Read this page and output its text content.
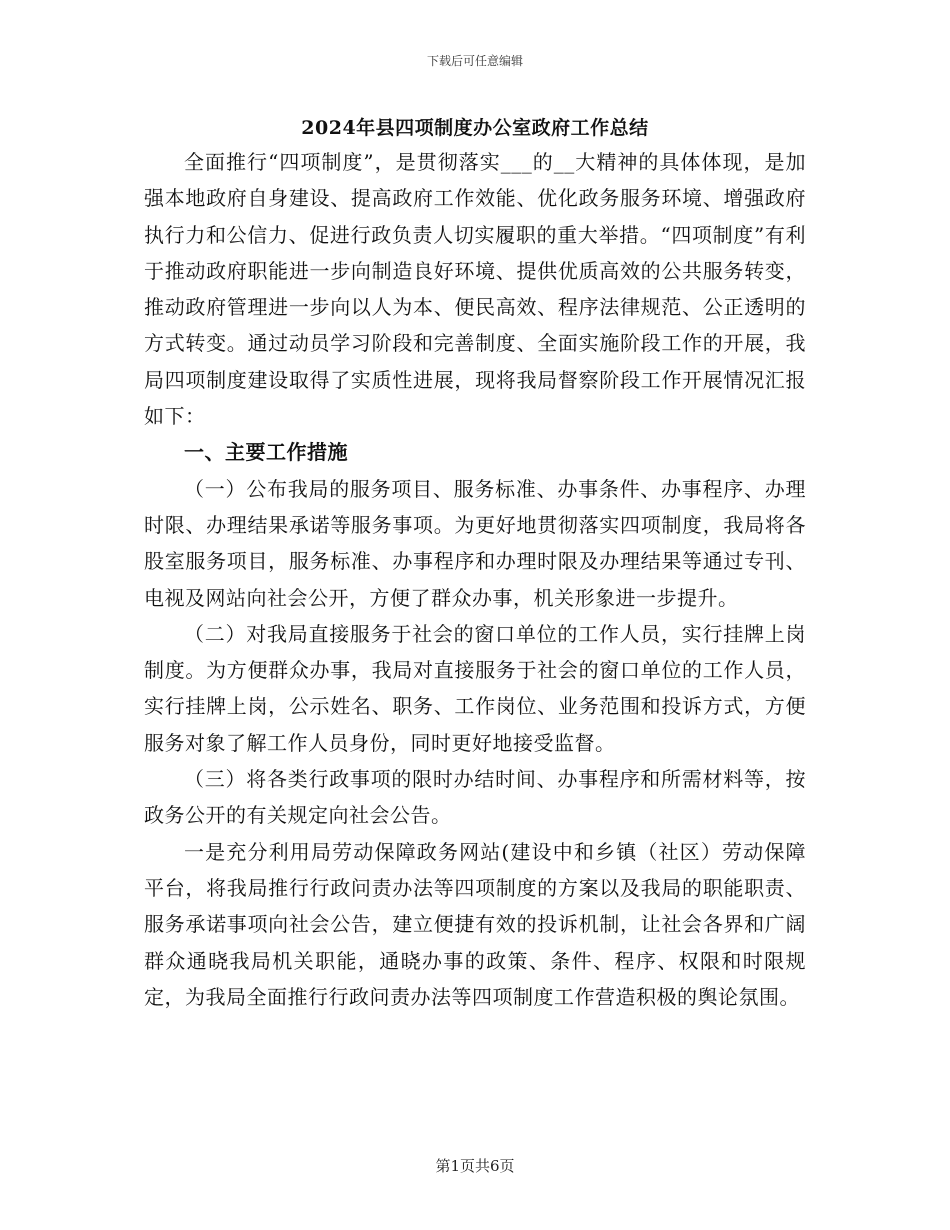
下载后可任意编辑
2024年县四项制度办公室政府工作总结

全面推行“四项制度”，是贯彻落实___的__大精神的具体体现，是加强本地政府自身建设、提高政府工作效能、优化政务服务环境、增强政府执行力和公信力、促进行政负责人切实履职的重大举措。“四项制度”有利于推动政府职能进一步向制造良好环境、提供优质高效的公共服务转变，推动政府管理进一步向以人为本、便民高效、程序法律规范、公正透明的方式转变。通过动员学习阶段和完善制度、全面实施阶段工作的开展，我局四项制度建设取得了实质性进展，现将我局督察阶段工作开展情况汇报如下：

一、主要工作措施

（一）公布我局的服务项目、服务标准、办事条件、办事程序、办理时限、办理结果承诺等服务事项。为更好地贯彻落实四项制度，我局将各股室服务项目，服务标准、办事程序和办理时限及办理结果等通过专刊、电视及网站向社会公开，方便了群众办事，机关形象进一步提升。

（二）对我局直接服务于社会的窗口单位的工作人员，实行挂牌上岗制度。为方便群众办事，我局对直接服务于社会的窗口单位的工作人员，实行挂牌上岗，公示姓名、职务、工作岗位、业务范围和投诉方式，方便服务对象了解工作人员身份，同时更好地接受监督。

（三）将各类行政事项的限时办结时间、办事程序和所需材料等，按政务公开的有关规定向社会公告。

一是充分利用局劳动保障政务网站(建设中和乡镇（社区）劳动保障平台，将我局推行行政问责办法等四项制度的方案以及我局的职能职责、服务承诺事项向社会公告，建立便捷有效的投诉机制，让社会各界和广阔群众通晓我局机关职能，通晓办事的政策、条件、程序、权限和时限规定，为我局全面推行行政问责办法等四项制度工作营造积极的舆论氛围。

第1页共6页
